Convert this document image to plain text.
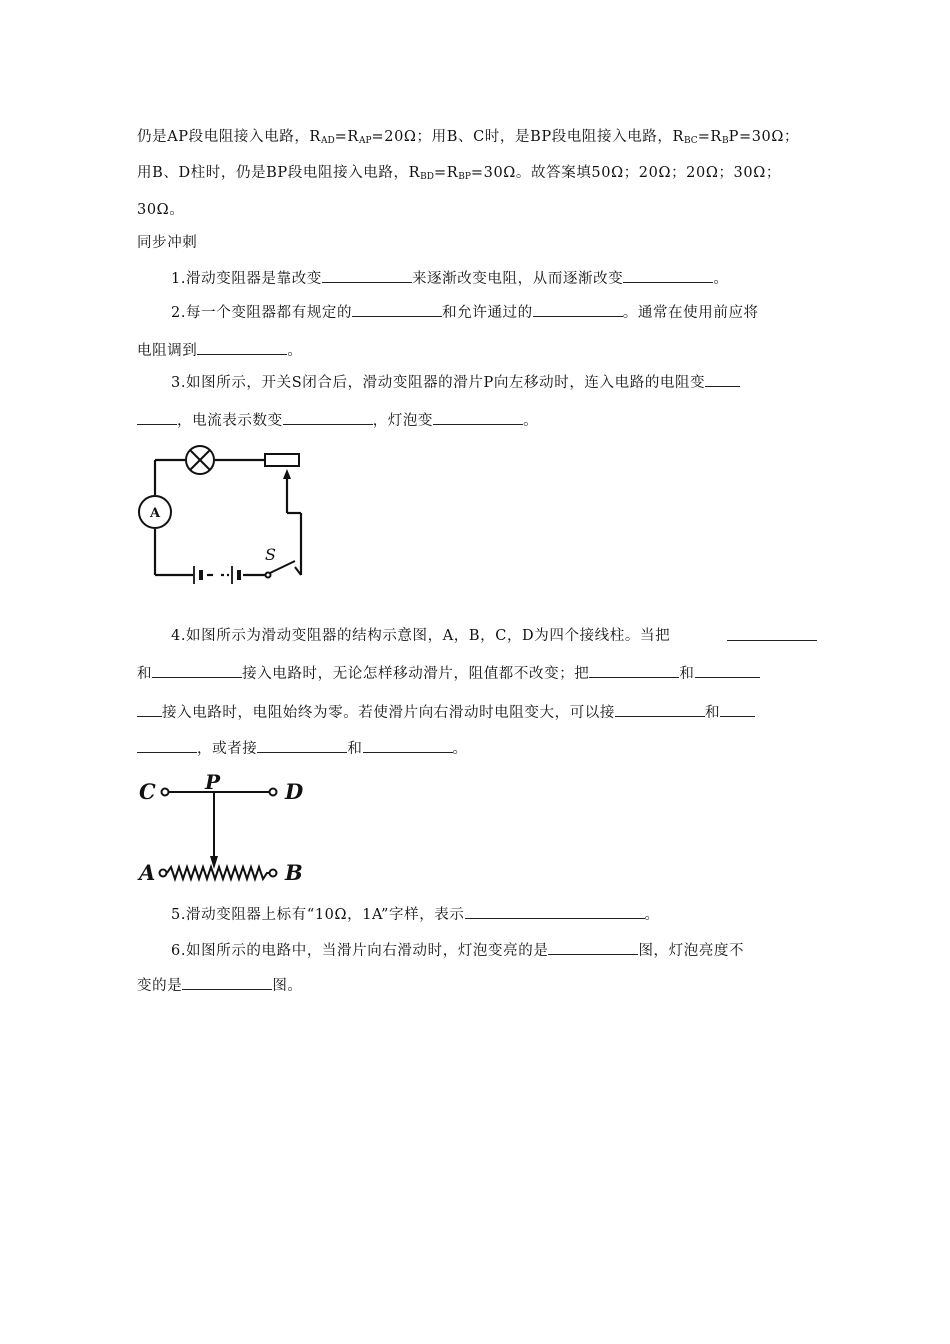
仍是AP段电阻接入电路，$R_{AD}=R_{AP}=20\Omega$；用B、C时，是BP段电阻接入电路，$R_{BC}=R_BP=30\Omega$；
用B、D柱时，仍是BP段电阻接入电路，$R_{BD}=R_{BP}=30\Omega$。故答案填50Ω；20Ω；20Ω；30Ω；
30Ω。
同步冲刺
1.滑动变阻器是靠改变	来逐渐改变电阻，从而逐渐改变	。
2.每一个变阻器都有规定的	和允许通过的	。通常在使用前应将
电阻调到	。
3.如图所示，开关S闭合后，滑动变阻器的滑片P向左移动时，连入电路的电阻变
，电流表示数变	，灯泡变	。
A
S
4.如图所示为滑动变阻器的结构示意图，A，B，C，D为四个接线柱。当把
和	接入电路时，无论怎样移动滑片，阻值都不改变；把	和
接入电路时，电阻始终为零。若使滑片向右滑动时电阻变大，可以接	和
，或者接	和	。
C P	D
A	B
5.滑动变阻器上标有“10Ω，1A”字样，表示	。
6.如图所示的电路中，当滑片向右滑动时，灯泡变亮的是	图，灯泡亮度不
变的是	图。
